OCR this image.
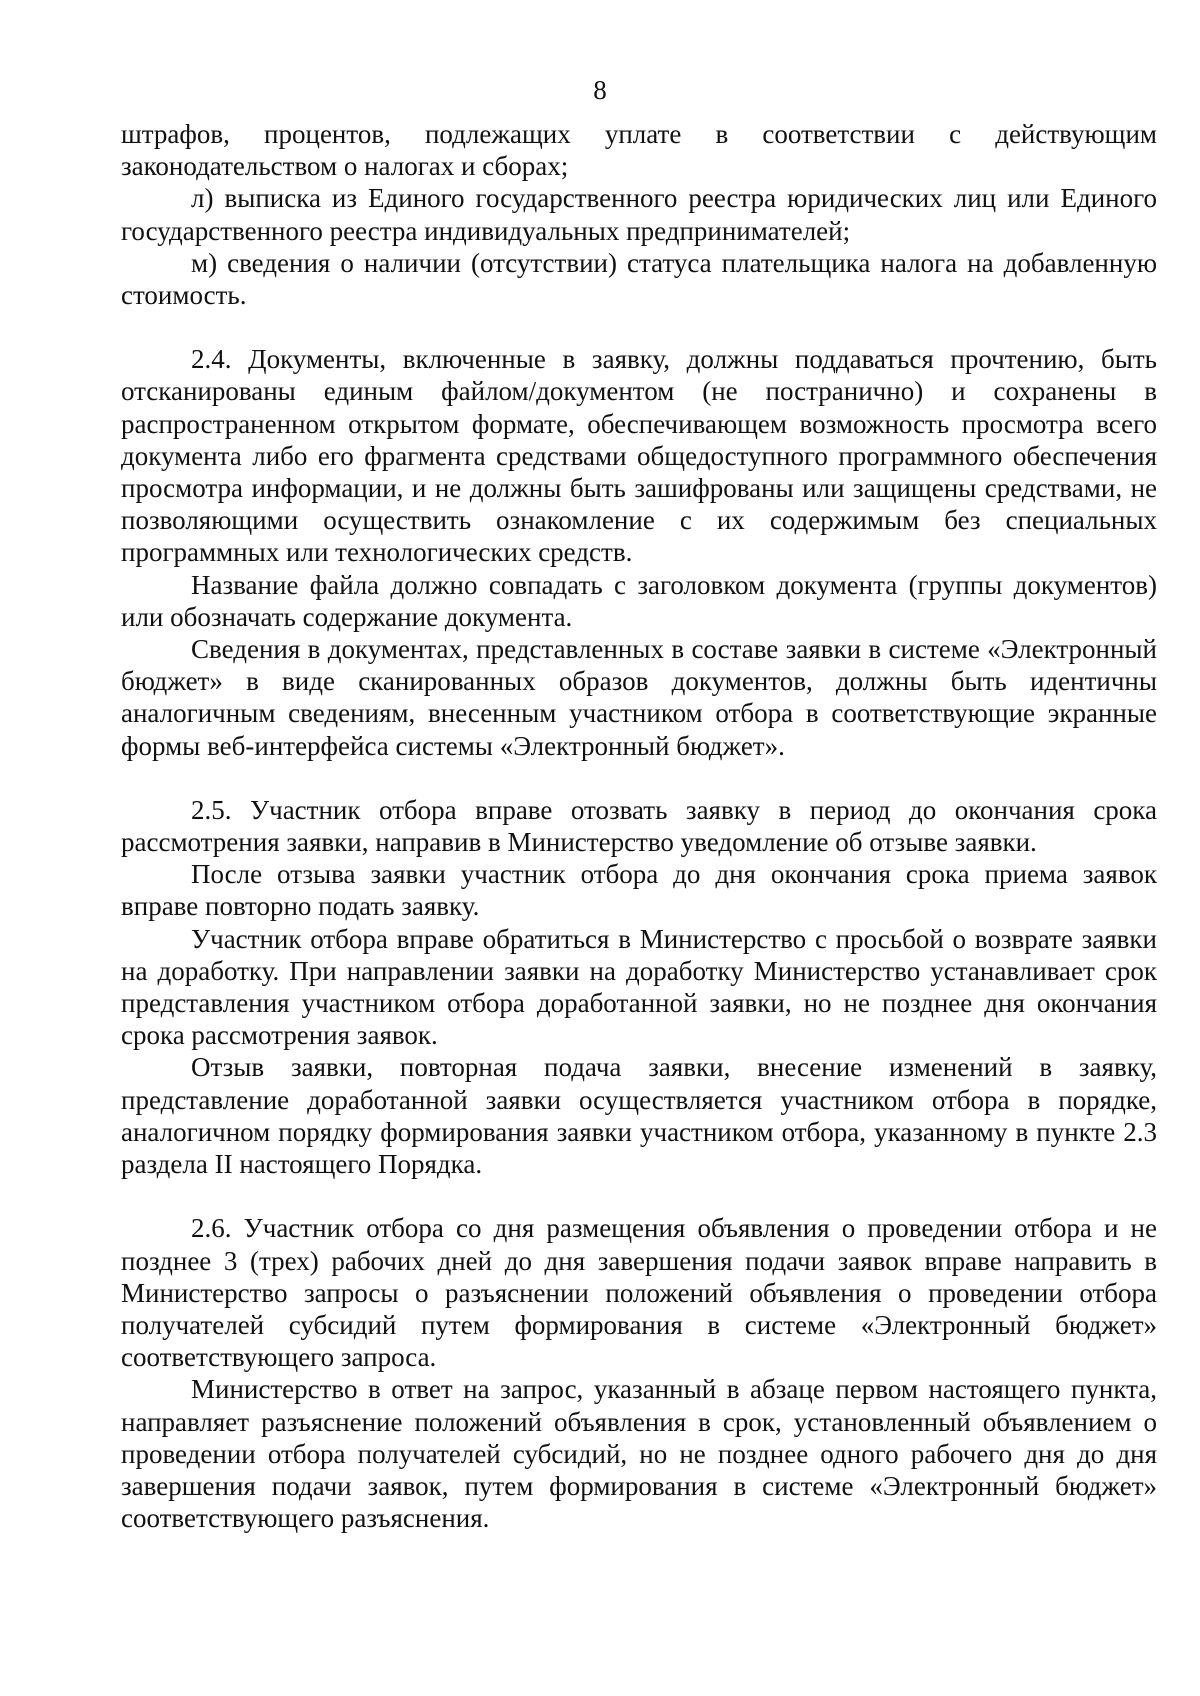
8

штрафов, процентов, подлежащих уплате в соответствии с действующим законодательством о налогах и сборах;

л) выписка из Единого государственного реестра юридических лиц или Единого государственного реестра индивидуальных предпринимателей;

м) сведения о наличии (отсутствии) статуса плательщика налога на добавленную стоимость.

2.4. Документы, включенные в заявку, должны поддаваться прочтению, быть отсканированы единым файлом/документом (не постранично) и сохранены в распространенном открытом формате, обеспечивающем возможность просмотра всего документа либо его фрагмента средствами общедоступного программного обеспечения просмотра информации, и не должны быть зашифрованы или защищены средствами, не позволяющими осуществить ознакомление с их содержимым без специальных программных или технологических средств.

Название файла должно совпадать с заголовком документа (группы документов) или обозначать содержание документа.

Сведения в документах, представленных в составе заявки в системе «Электронный бюджет» в виде сканированных образов документов, должны быть идентичны аналогичным сведениям, внесенным участником отбора в соответствующие экранные формы веб-интерфейса системы «Электронный бюджет».

2.5. Участник отбора вправе отозвать заявку в период до окончания срока рассмотрения заявки, направив в Министерство уведомление об отзыве заявки.

После отзыва заявки участник отбора до дня окончания срока приема заявок вправе повторно подать заявку.

Участник отбора вправе обратиться в Министерство с просьбой о возврате заявки на доработку. При направлении заявки на доработку Министерство устанавливает срок представления участником отбора доработанной заявки, но не позднее дня окончания срока рассмотрения заявок.

Отзыв заявки, повторная подача заявки, внесение изменений в заявку, представление доработанной заявки осуществляется участником отбора в порядке, аналогичном порядку формирования заявки участником отбора, указанному в пункте 2.3 раздела II настоящего Порядка.

2.6. Участник отбора со дня размещения объявления о проведении отбора и не позднее 3 (трех) рабочих дней до дня завершения подачи заявок вправе направить в Министерство запросы о разъяснении положений объявления о проведении отбора получателей субсидий путем формирования в системе «Электронный бюджет» соответствующего запроса.

Министерство в ответ на запрос, указанный в абзаце первом настоящего пункта, направляет разъяснение положений объявления в срок, установленный объявлением о проведении отбора получателей субсидий, но не позднее одного рабочего дня до дня завершения подачи заявок, путем формирования в системе «Электронный бюджет» соответствующего разъяснения.
